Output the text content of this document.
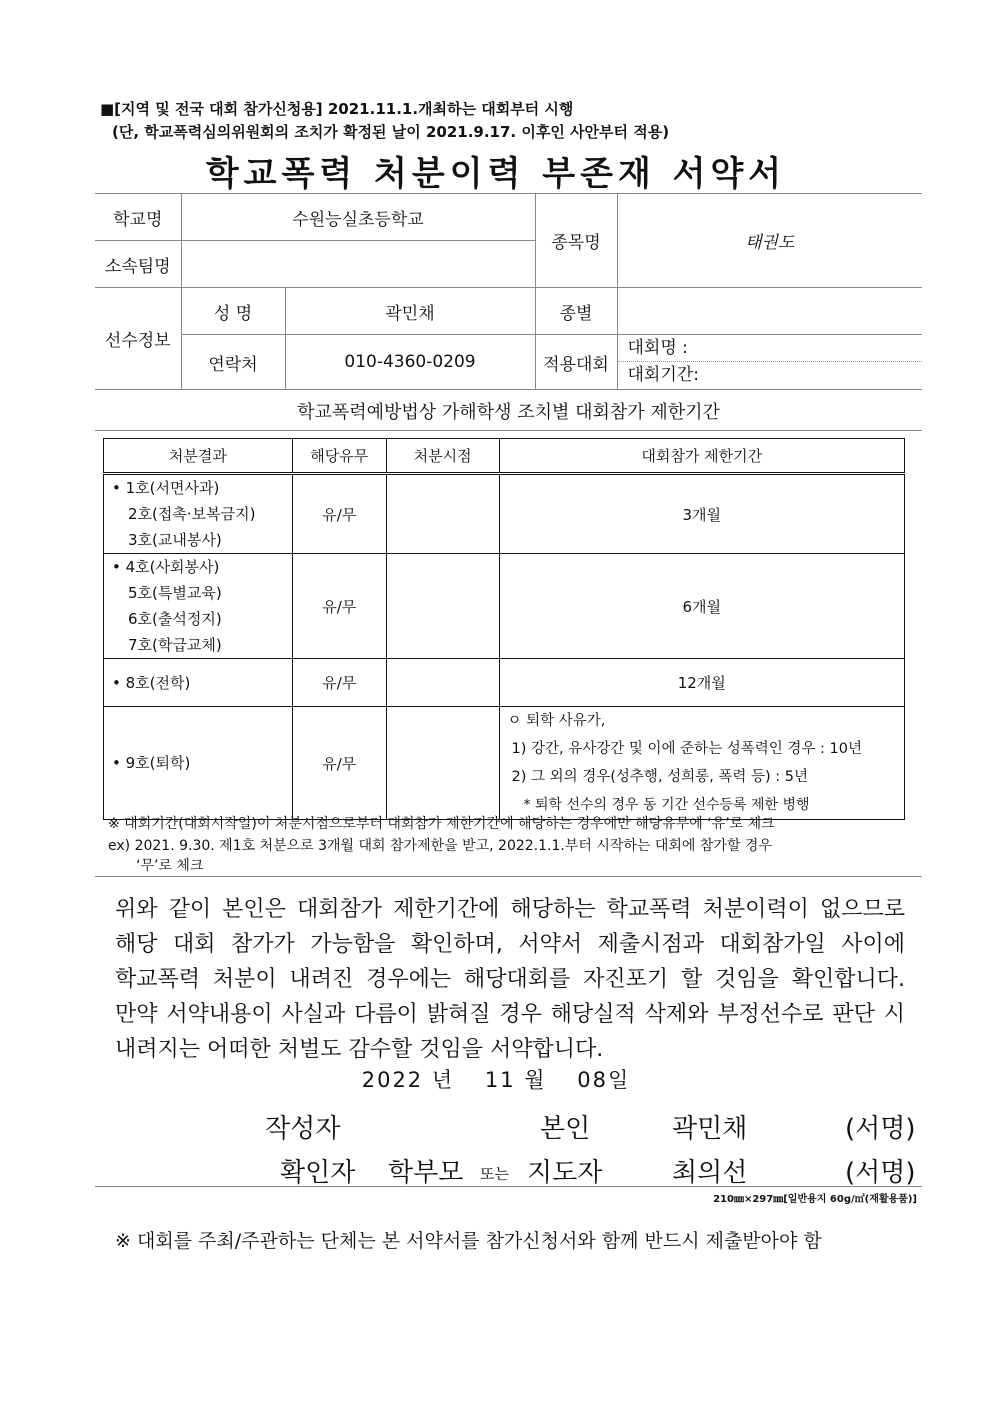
■[지역 및 전국 대회 참가신청용] 2021.11.1.개최하는 대회부터 시행
(단, 학교폭력심의위원회의 조치가 확정된 날이 2021.9.17. 이후인 사안부터 적용)
학교폭력 처분이력 부존재 서약서
학교명	수원능실초등학교		종목명	태권도
소속팀명				
선수정보	성 명	곽민채	종별	
	연락처	010-4360-0209	적용대회	대회명 :
대회기간:
학교폭력예방법상 가해학생 조치별 대회참가 제한기간
처분결과	해당유무	처분시점	대회참가 제한기간

• 1호(서면사과)
2호(접촉·보복금지)
3호(교내봉사)	유/무		3개월

• 4호(사회봉사)
5호(특별교육)
6호(출석정지)
7호(학급교체)	유/무		6개월
• 8호(전학)	유/무		12개월
• 9호(퇴학)	유/무		ㅇ 퇴학 사유가,
1) 강간, 유사강간 및 이에 준하는 성폭력인 경우 : 10년
2) 그 외의 경우(성추행, 성희롱, 폭력 등) : 5년
* 퇴학 선수의 경우 동 기간 선수등록 제한 병행
※ 대회기간(대회시작일)이 처분시점으로부터 대회참가 제한기간에 해당하는 경우에만 해당유무에 ‘유’로 체크
ex) 2021. 9.30. 제1호 처분으로 3개월 대회 참가제한을 받고, 2022.1.1.부터 시작하는 대회에 참가할 경우
‘무’로 체크
위와 같이 본인은 대회참가 제한기간에 해당하는 학교폭력 처분이력이 없으므로 해당 대회 참가가 가능함을 확인하며, 서약서 제출시점과 대회참가일 사이에 학교폭력 처분이 내려진 경우에는 해당대회를 자진포기 할 것임을 확인합니다. 만약 서약내용이 사실과 다름이 밝혀질 경우 해당실적 삭제와 부정선수로 판단 시 내려지는 어떠한 처벌도 감수할 것임을 서약합니다.
2022 년 11 월 08일
작성자	본인	곽민채	(서명)
확인자 학부모 또는 지도자	최의선	(서명)
210㎜×297㎜[일반용지 60g/㎡(재활용품)]
※ 대회를 주최/주관하는 단체는 본 서약서를 참가신청서와 함께 반드시 제출받아야 함
